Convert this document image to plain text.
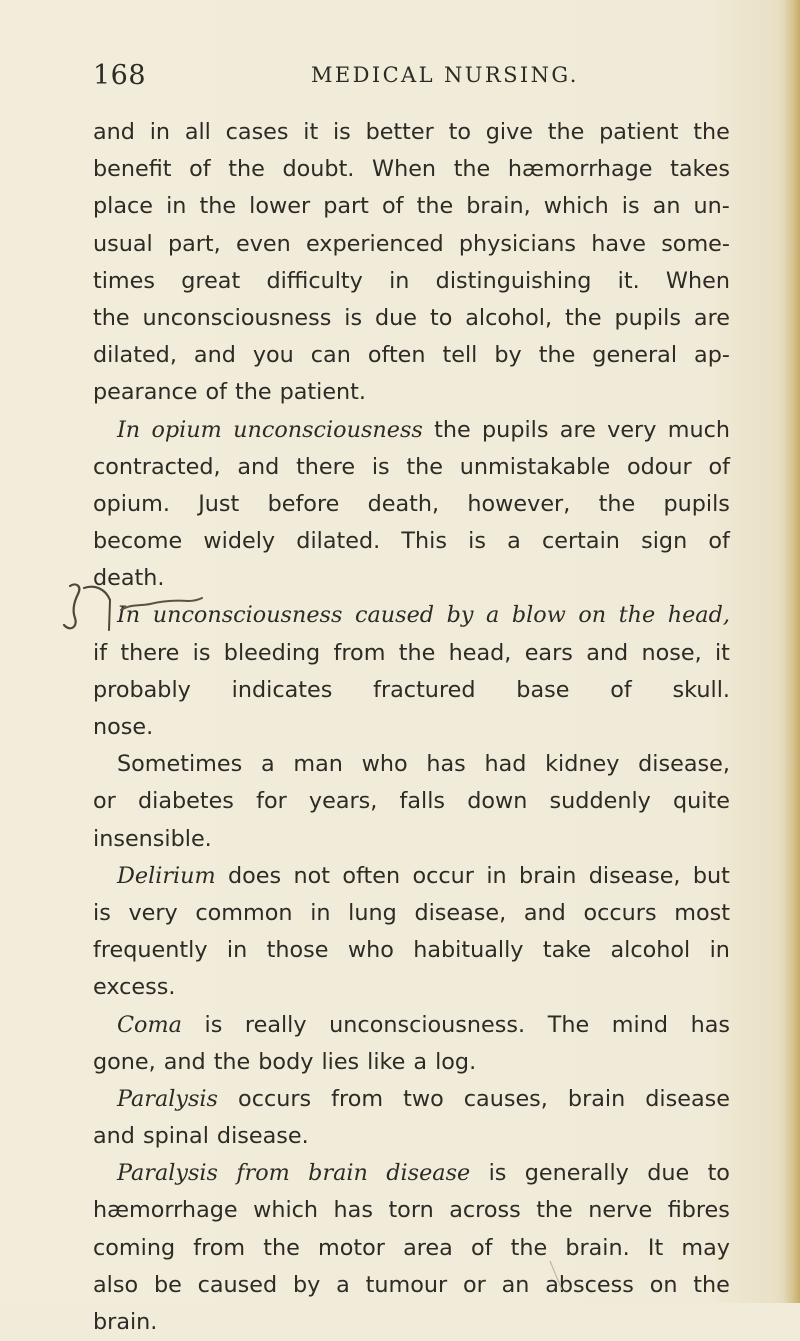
168	MEDICAL NURSING.
and in all cases it is better to give the patient the
benefit of the doubt. When the hæmorrhage takes
place in the lower part of the brain, which is an un-
usual part, even experienced physicians have some-
times great difficulty in distinguishing it. When
the unconsciousness is due to alcohol, the pupils are
dilated, and you can often tell by the general ap-
pearance of the patient.
In opium unconsciousness the pupils are very much
contracted, and there is the unmistakable odour of
opium. Just before death, however, the pupils
become widely dilated. This is a certain sign of
death.
In unconsciousness caused by a blow on the head,
if there is bleeding from the head, ears and nose, it
probably indicates fractured base of skull.
nose.
Sometimes a man who has had kidney disease,
or diabetes for years, falls down suddenly quite
insensible.
Delirium does not often occur in brain disease, but
is very common in lung disease, and occurs most
frequently in those who habitually take alcohol in
excess.
Coma is really unconsciousness. The mind has
gone, and the body lies like a log.
Paralysis occurs from two causes, brain disease
and spinal disease.
Paralysis from brain disease is generally due to
hæmorrhage which has torn across the nerve fibres
coming from the motor area of the brain. It may
also be caused by a tumour or an abscess on the
brain.
